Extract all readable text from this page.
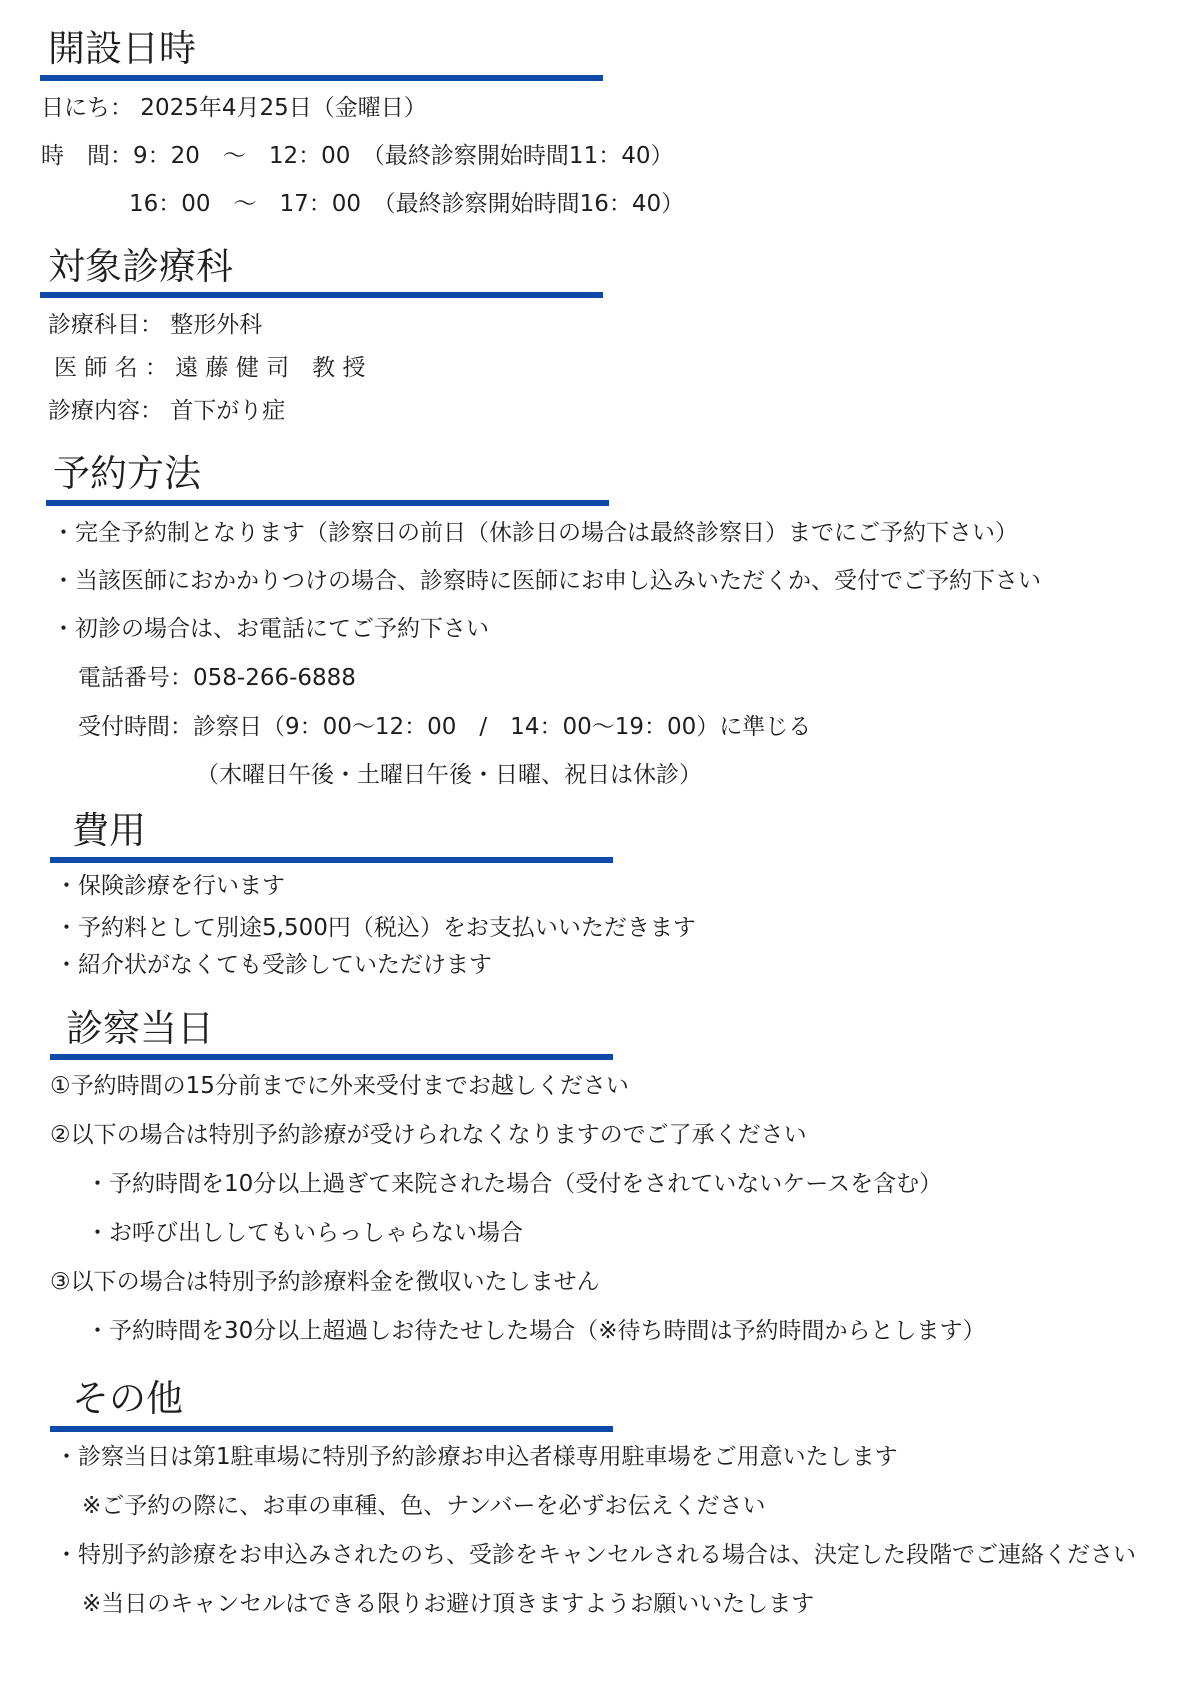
開設日時
日にち： 2025年4月25日（金曜日）
時　間：9：20　～　12：00　（最終診察開始時間11：40）
16：00　～　17：00　（最終診察開始時間16：40）
対象診療科
診療科目： 整形外科
医 師 名 ： 遠 藤 健 司　教 授
診療内容： 首下がり症
予約方法
・完全予約制となります（診察日の前日（休診日の場合は最終診察日）までにご予約下さい）
・当該医師におかかりつけの場合、診察時に医師にお申し込みいただくか、受付でご予約下さい
・初診の場合は、お電話にてご予約下さい
電話番号：058-266-6888
受付時間：診察日（9：00～12：00　/　14：00～19：00）に準じる
（木曜日午後・土曜日午後・日曜、祝日は休診）
費用
・保険診療を行います
・予約料として別途5,500円（税込）をお支払いいただきます
・紹介状がなくても受診していただけます
診察当日
①予約時間の15分前までに外来受付までお越しください
②以下の場合は特別予約診療が受けられなくなりますのでご了承ください
・予約時間を10分以上過ぎて来院された場合（受付をされていないケースを含む）
・お呼び出ししてもいらっしゃらない場合
③以下の場合は特別予約診療料金を徴収いたしません
・予約時間を30分以上超過しお待たせした場合（※待ち時間は予約時間からとします）
その他
・診察当日は第1駐車場に特別予約診療お申込者様専用駐車場をご用意いたします
※ご予約の際に、お車の車種、色、ナンバーを必ずお伝えください
・特別予約診療をお申込みされたのち、受診をキャンセルされる場合は、決定した段階でご連絡ください
※当日のキャンセルはできる限りお避け頂きますようお願いいたします
